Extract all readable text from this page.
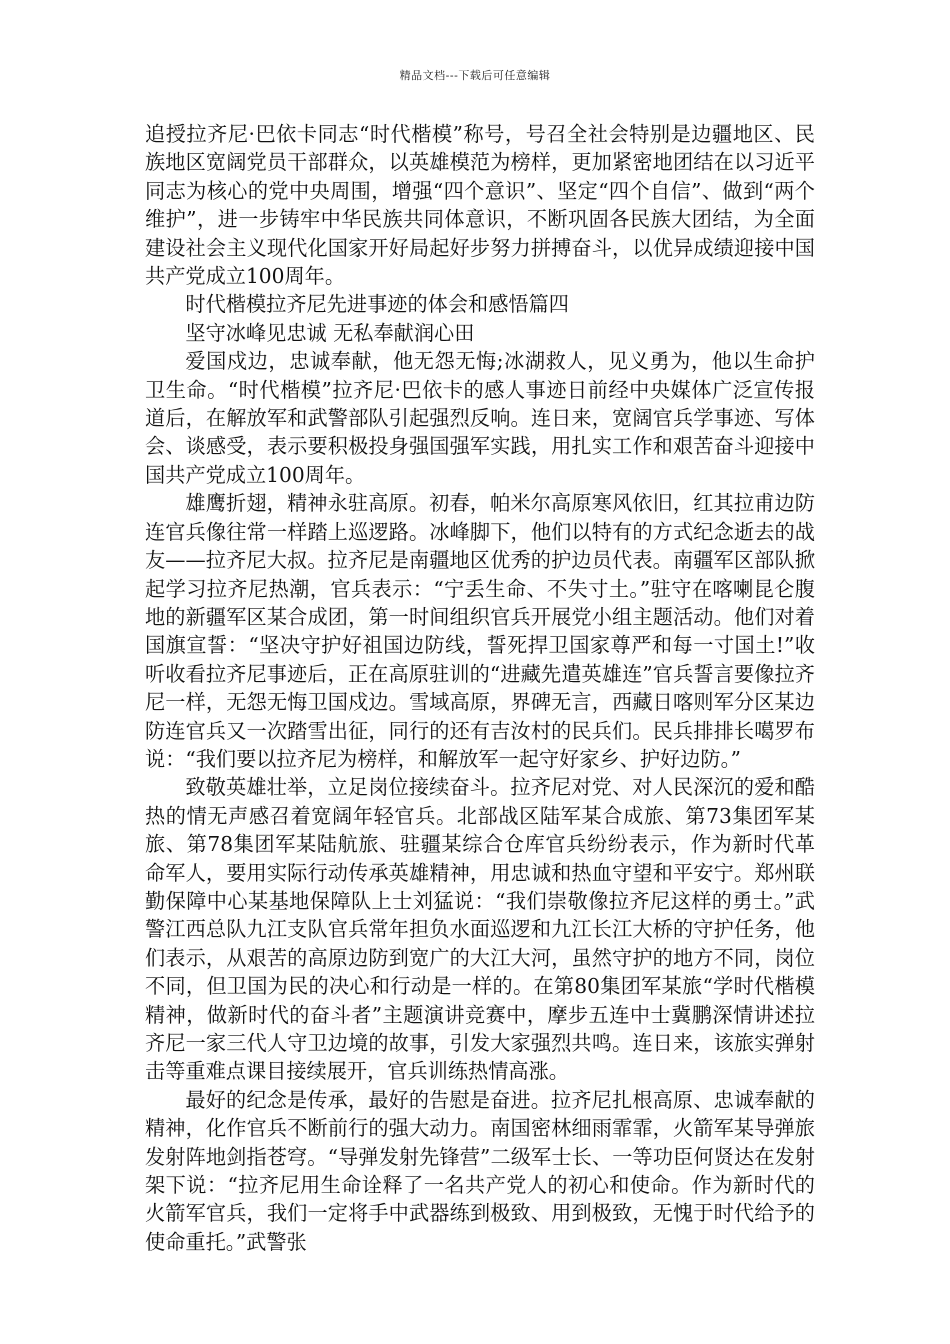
精品文档---下载后可任意编辑

追授拉齐尼·巴依卡同志“时代楷模”称号，号召全社会特别是边疆地区、民族地区宽阔党员干部群众，以英雄模范为榜样，更加紧密地团结在以习近平同志为核心的党中央周围，增强“四个意识”、坚定“四个自信”、做到“两个维护”，进一步铸牢中华民族共同体意识，不断巩固各民族大团结，为全面建设社会主义现代化国家开好局起好步努力拼搏奋斗，以优异成绩迎接中国共产党成立100周年。

时代楷模拉齐尼先进事迹的体会和感悟篇四

坚守冰峰见忠诚 无私奉献润心田

爱国戍边，忠诚奉献，他无怨无悔;冰湖救人，见义勇为，他以生命护卫生命。“时代楷模”拉齐尼·巴依卡的感人事迹日前经中央媒体广泛宣传报道后，在解放军和武警部队引起强烈反响。连日来，宽阔官兵学事迹、写体会、谈感受，表示要积极投身强国强军实践，用扎实工作和艰苦奋斗迎接中国共产党成立100周年。

雄鹰折翅，精神永驻高原。初春，帕米尔高原寒风依旧，红其拉甫边防连官兵像往常一样踏上巡逻路。冰峰脚下，他们以特有的方式纪念逝去的战友——拉齐尼大叔。拉齐尼是南疆地区优秀的护边员代表。南疆军区部队掀起学习拉齐尼热潮，官兵表示：“宁丢生命、不失寸土。”驻守在喀喇昆仑腹地的新疆军区某合成团，第一时间组织官兵开展党小组主题活动。他们对着国旗宣誓：“坚决守护好祖国边防线，誓死捍卫国家尊严和每一寸国土!”收听收看拉齐尼事迹后，正在高原驻训的“进藏先遣英雄连”官兵誓言要像拉齐尼一样，无怨无悔卫国戍边。雪域高原，界碑无言，西藏日喀则军分区某边防连官兵又一次踏雪出征，同行的还有吉汝村的民兵们。民兵排排长噶罗布说：“我们要以拉齐尼为榜样，和解放军一起守好家乡、护好边防。”

致敬英雄壮举，立足岗位接续奋斗。拉齐尼对党、对人民深沉的爱和酷热的情无声感召着宽阔年轻官兵。北部战区陆军某合成旅、第73集团军某旅、第78集团军某陆航旅、驻疆某综合仓库官兵纷纷表示，作为新时代革命军人，要用实际行动传承英雄精神，用忠诚和热血守望和平安宁。郑州联勤保障中心某基地保障队上士刘猛说：“我们崇敬像拉齐尼这样的勇士。”武警江西总队九江支队官兵常年担负水面巡逻和九江长江大桥的守护任务，他们表示，从艰苦的高原边防到宽广的大江大河，虽然守护的地方不同，岗位不同，但卫国为民的决心和行动是一样的。在第80集团军某旅“学时代楷模精神，做新时代的奋斗者”主题演讲竞赛中，摩步五连中士冀鹏深情讲述拉齐尼一家三代人守卫边境的故事，引发大家强烈共鸣。连日来，该旅实弹射击等重难点课目接续展开，官兵训练热情高涨。

最好的纪念是传承，最好的告慰是奋进。拉齐尼扎根高原、忠诚奉献的精神，化作官兵不断前行的强大动力。南国密林细雨霏霏，火箭军某导弹旅发射阵地剑指苍穹。“导弹发射先锋营”二级军士长、一等功臣何贤达在发射架下说：“拉齐尼用生命诠释了一名共产党人的初心和使命。作为新时代的火箭军官兵，我们一定将手中武器练到极致、用到极致，无愧于时代给予的使命重托。”武警张
